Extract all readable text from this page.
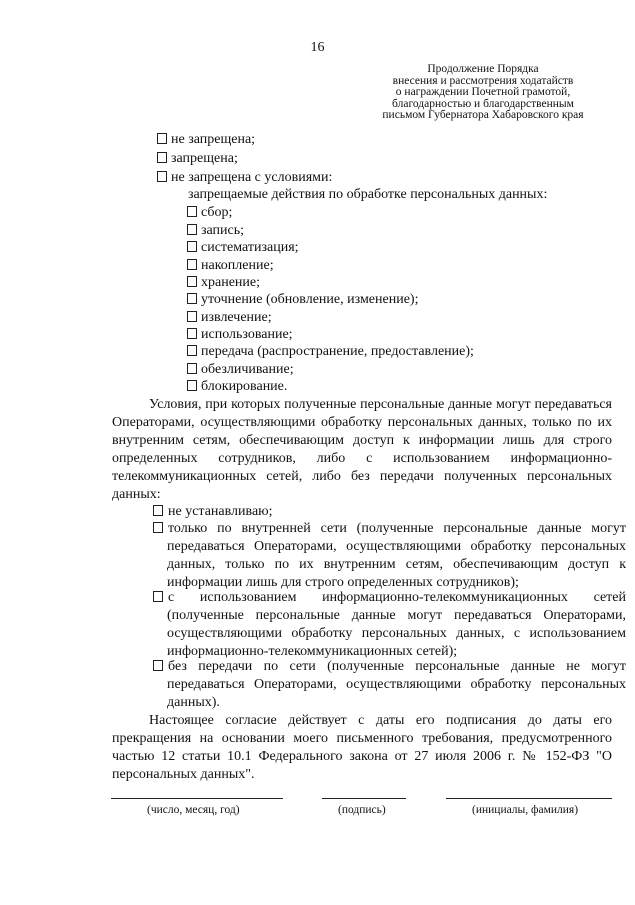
16
Продолжение Порядка
внесения и рассмотрения ходатайств
о награждении Почетной грамотой,
благодарностью и благодарственным
письмом Губернатора Хабаровского края
не запрещена;
запрещена;
не запрещена с условиями:
запрещаемые действия по обработке персональных данных:
сбор;
запись;
систематизация;
накопление;
хранение;
уточнение (обновление, изменение);
извлечение;
использование;
передача (распространение, предоставление);
обезличивание;
блокирование.
Условия, при которых полученные персональные данные могут передаваться Операторами, осуществляющими обработку персональных данных, только по их внутренним сетям, обеспечивающим доступ к информации лишь для строго определенных сотрудников, либо с использованием информационно-телекоммуникационных сетей, либо без передачи полученных персональных данных:
не устанавливаю;
только по внутренней сети (полученные персональные данные могут передаваться Операторами, осуществляющими обработку персональных данных, только по их внутренним сетям, обеспечивающим доступ к информации лишь для строго определенных сотрудников);
с использованием информационно-телекоммуникационных сетей (полученные персональные данные могут передаваться Операторами, осуществляющими обработку персональных данных, с использованием информационно-телекоммуникационных сетей);
без передачи по сети (полученные персональные данные не могут передаваться Операторами, осуществляющими обработку персональных данных).
Настоящее согласие действует с даты его подписания до даты его прекращения на основании моего письменного требования, предусмотренного частью 12 статьи 10.1 Федерального закона от 27 июля 2006 г. № 152-ФЗ "О персональных данных".
(число, месяц, год)	(подпись)	(инициалы, фамилия)
